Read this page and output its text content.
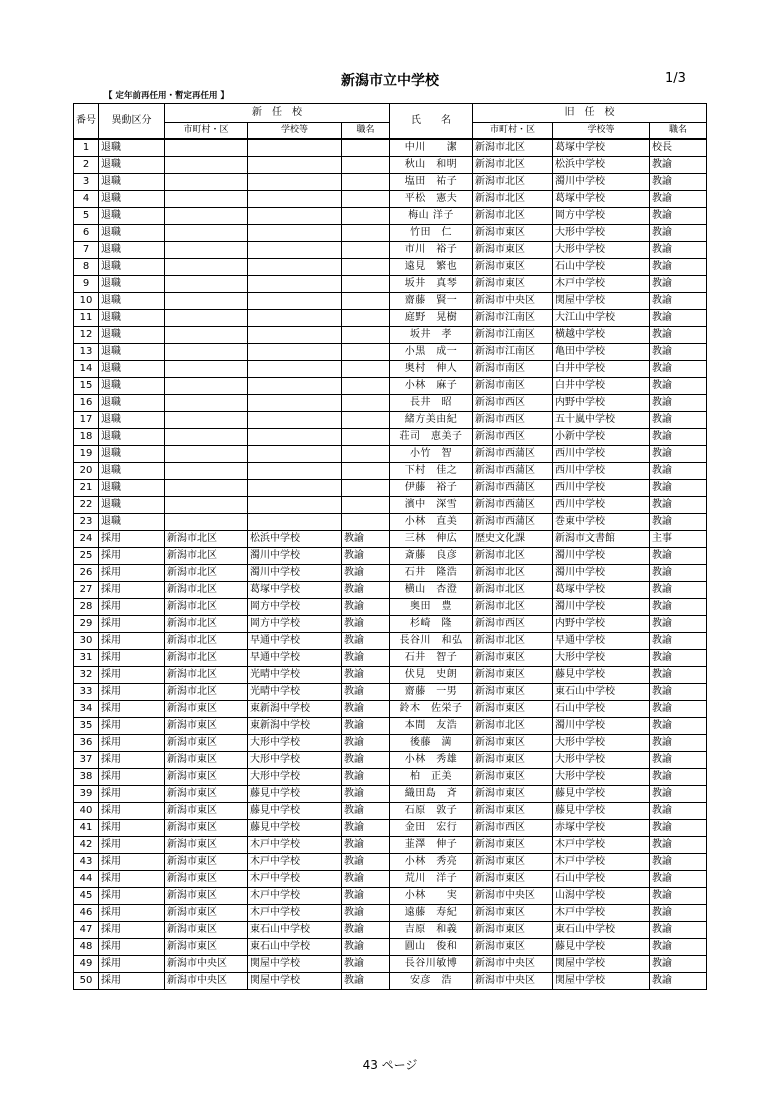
新潟市立中学校	1/3
【 定年前再任用・暫定再任用 】
番号	異動区分	新　任　校			氏　　名	旧　任　校		
		市町村・区	学校等	職名		市町村・区	学校等	職名
1	退職				中川　　潔	新潟市北区	葛塚中学校	校長
2	退職				秋山　和明	新潟市北区	松浜中学校	教諭
3	退職				塩田　祐子	新潟市北区	濁川中学校	教諭
4	退職				平松　憲夫	新潟市北区	葛塚中学校	教諭
5	退職				梅山 洋子	新潟市北区	岡方中学校	教諭
6	退職				竹田　仁	新潟市東区	大形中学校	教諭
7	退職				市川　裕子	新潟市東区	大形中学校	教諭
8	退職				遠見　繁也	新潟市東区	石山中学校	教諭
9	退職				坂井　真琴	新潟市東区	木戸中学校	教諭
10	退職				齋藤　賢一	新潟市中央区	関屋中学校	教諭
11	退職				庭野　晃樹	新潟市江南区	大江山中学校	教諭
12	退職				坂井　孝	新潟市江南区	横越中学校	教諭
13	退職				小黒　成一	新潟市江南区	亀田中学校	教諭
14	退職				奥村　伸人	新潟市南区	白井中学校	教諭
15	退職				小林　麻子	新潟市南区	白井中学校	教諭
16	退職				長井　昭	新潟市西区	内野中学校	教諭
17	退職				緒方美由紀	新潟市西区	五十嵐中学校	教諭
18	退職				荘司　恵美子	新潟市西区	小新中学校	教諭
19	退職				小竹　智	新潟市西蒲区	西川中学校	教諭
20	退職				下村　佳之	新潟市西蒲区	西川中学校	教諭
21	退職				伊藤　裕子	新潟市西蒲区	西川中学校	教諭
22	退職				濱中　深雪	新潟市西蒲区	西川中学校	教諭
23	退職				小林　直美	新潟市西蒲区	巻東中学校	教諭
24	採用	新潟市北区	松浜中学校	教諭	三林　伸広	歴史文化課	新潟市文書館	主事
25	採用	新潟市北区	濁川中学校	教諭	斎藤　良彦	新潟市北区	濁川中学校	教諭
26	採用	新潟市北区	濁川中学校	教諭	石井　隆浩	新潟市北区	濁川中学校	教諭
27	採用	新潟市北区	葛塚中学校	教諭	横山　杏澄	新潟市北区	葛塚中学校	教諭
28	採用	新潟市北区	岡方中学校	教諭	奥田　豊	新潟市北区	濁川中学校	教諭
29	採用	新潟市北区	岡方中学校	教諭	杉崎　隆	新潟市西区	内野中学校	教諭
30	採用	新潟市北区	早通中学校	教諭	長谷川　和弘	新潟市北区	早通中学校	教諭
31	採用	新潟市北区	早通中学校	教諭	石井　智子	新潟市東区	大形中学校	教諭
32	採用	新潟市北区	光晴中学校	教諭	伏見　史朗	新潟市東区	藤見中学校	教諭
33	採用	新潟市北区	光晴中学校	教諭	齋藤　一男	新潟市東区	東石山中学校	教諭
34	採用	新潟市東区	東新潟中学校	教諭	鈴木　佐栄子	新潟市東区	石山中学校	教諭
35	採用	新潟市東区	東新潟中学校	教諭	本間　友浩	新潟市北区	濁川中学校	教諭
36	採用	新潟市東区	大形中学校	教諭	後藤　満	新潟市東区	大形中学校	教諭
37	採用	新潟市東区	大形中学校	教諭	小林　秀雄	新潟市東区	大形中学校	教諭
38	採用	新潟市東区	大形中学校	教諭	柏　正美	新潟市東区	大形中学校	教諭
39	採用	新潟市東区	藤見中学校	教諭	織田島　斉	新潟市東区	藤見中学校	教諭
40	採用	新潟市東区	藤見中学校	教諭	石原　敦子	新潟市東区	藤見中学校	教諭
41	採用	新潟市東区	藤見中学校	教諭	金田　宏行	新潟市西区	赤塚中学校	教諭
42	採用	新潟市東区	木戸中学校	教諭	韮澤　伸子	新潟市東区	木戸中学校	教諭
43	採用	新潟市東区	木戸中学校	教諭	小林　秀亮	新潟市東区	木戸中学校	教諭
44	採用	新潟市東区	木戸中学校	教諭	荒川　洋子	新潟市東区	石山中学校	教諭
45	採用	新潟市東区	木戸中学校	教諭	小林　　実	新潟市中央区	山潟中学校	教諭
46	採用	新潟市東区	木戸中学校	教諭	遠藤　寿紀	新潟市東区	木戸中学校	教諭
47	採用	新潟市東区	東石山中学校	教諭	吉原　和義	新潟市東区	東石山中学校	教諭
48	採用	新潟市東区	東石山中学校	教諭	圓山　俊和	新潟市東区	藤見中学校	教諭
49	採用	新潟市中央区	関屋中学校	教諭	長谷川敏博	新潟市中央区	関屋中学校	教諭
50	採用	新潟市中央区	関屋中学校	教諭	安彦　浩	新潟市中央区	関屋中学校	教諭
43 ページ
